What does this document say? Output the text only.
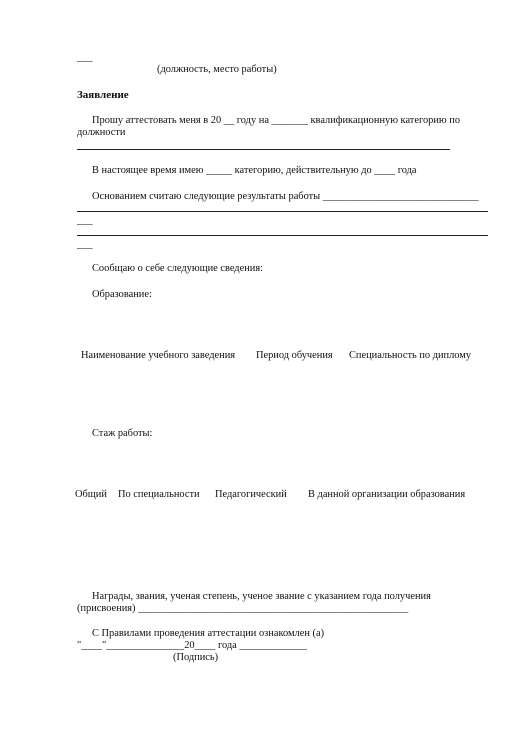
___
(должность, место работы)
Заявление
Прошу аттестовать меня в 20 __ году на _______ квалификационную категорию по
должности
В настоящее время имею _____ категорию, действительную до ____ года
Основанием считаю следующие результаты работы ______________________________
___
___
Сообщаю о себе следующие сведения:
Образование:
Наименование учебного заведения Период обучения Специальность по диплому
Стаж работы:
Общий По специальности Педагогический В данной организации образования
Награды, звания, ученая степень, ученое звание с указанием года получения
(присвоения) ____________________________________________________
С Правилами проведения аттестации ознакомлен (а)
"____"_______________20____ года _____________
(Подпись)
